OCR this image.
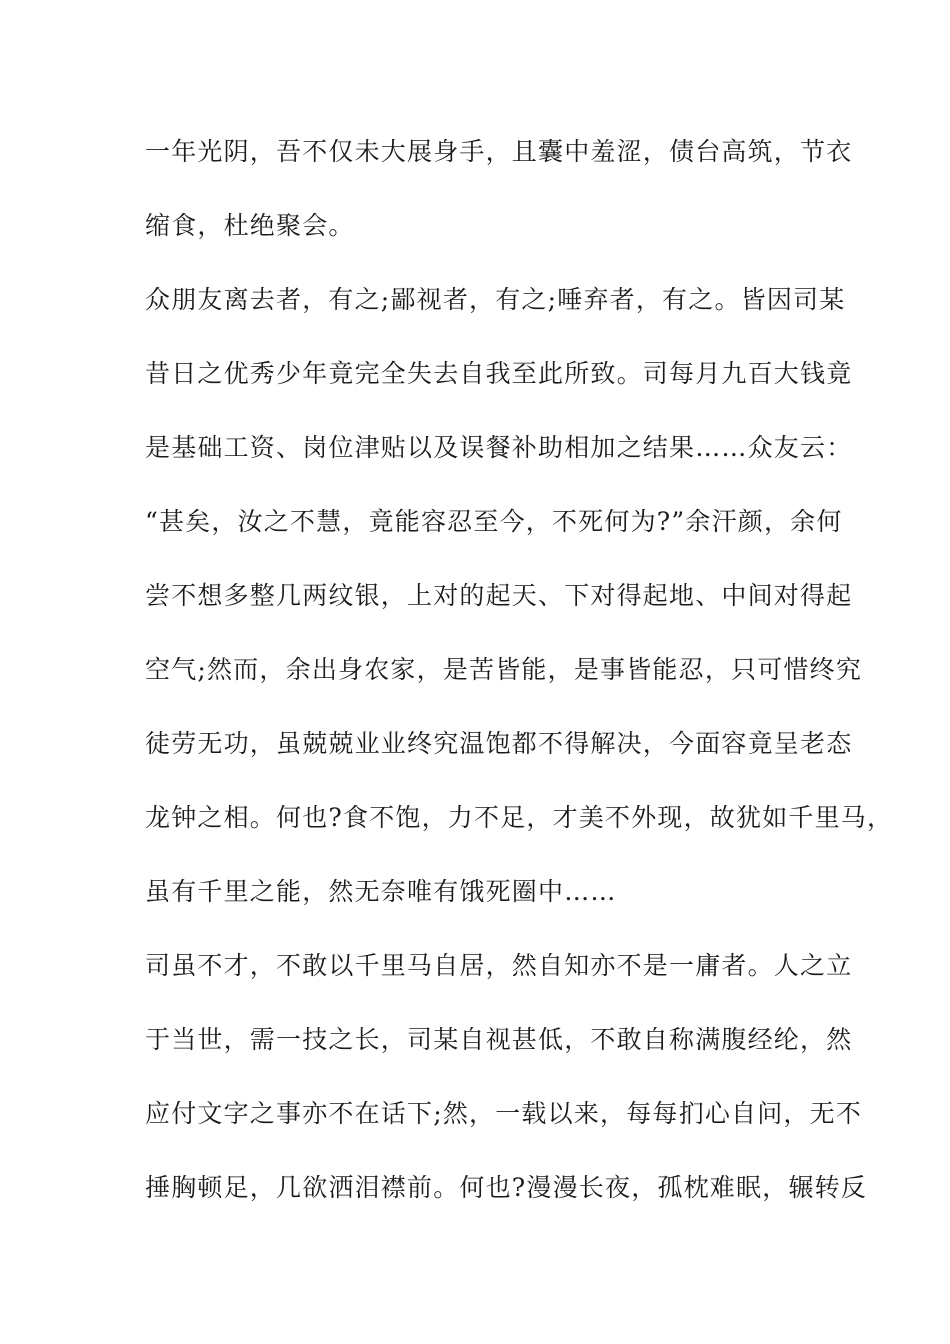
一年光阴，吾不仅未大展身手，且囊中羞涩，债台高筑，节衣
缩食，杜绝聚会。
众朋友离去者，有之;鄙视者，有之;唾弃者，有之。皆因司某
昔日之优秀少年竟完全失去自我至此所致。司每月九百大钱竟
是基础工资、岗位津贴以及误餐补助相加之结果……众友云：
“甚矣，汝之不慧，竟能容忍至今，不死何为?”余汗颜，余何
尝不想多整几两纹银，上对的起天、下对得起地、中间对得起
空气;然而，余出身农家，是苦皆能，是事皆能忍，只可惜终究
徒劳无功，虽兢兢业业终究温饱都不得解决，今面容竟呈老态
龙钟之相。何也?食不饱，力不足，才美不外现，故犹如千里马，
虽有千里之能，然无奈唯有饿死圈中……
司虽不才，不敢以千里马自居，然自知亦不是一庸者。人之立
于当世，需一技之长，司某自视甚低，不敢自称满腹经纶，然
应付文字之事亦不在话下;然，一载以来，每每扪心自问，无不
捶胸顿足，几欲洒泪襟前。何也?漫漫长夜，孤枕难眠，辗转反
